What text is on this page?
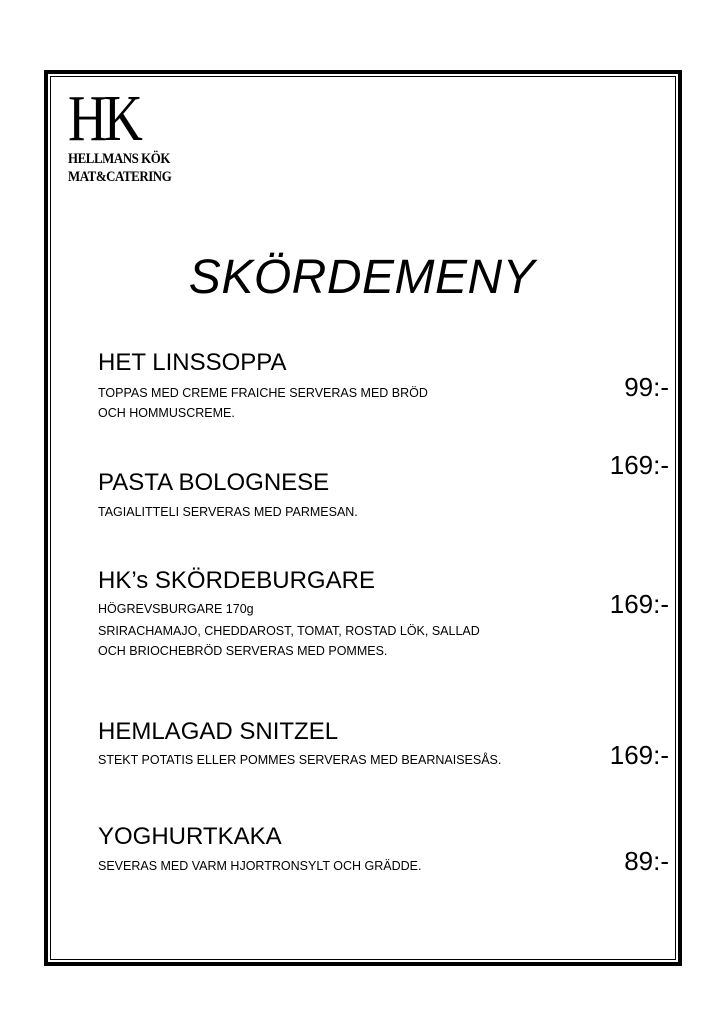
HK
HELLMANS KÖK
MAT&CATERING
SKÖRDEMENY
HET LINSSOPPA
TOPPAS MED CREME FRAICHE SERVERAS MED BRÖD
OCH HOMMUSCREME.
99:-
PASTA BOLOGNESE
TAGIALITTELI SERVERAS MED PARMESAN.
169:-
HK’s SKÖRDEBURGARE
HÖGREVSBURGARE 170g
SRIRACHAMAJO, CHEDDAROST, TOMAT, ROSTAD LÖK, SALLAD
OCH BRIOCHEBRÖD SERVERAS MED POMMES.
169:-
HEMLAGAD SNITZEL
STEKT POTATIS ELLER POMMES SERVERAS MED BEARNAISESÅS.	169:-
YOGHURTKAKA
SEVERAS MED VARM HJORTRONSYLT OCH GRÄDDE.	89:-
